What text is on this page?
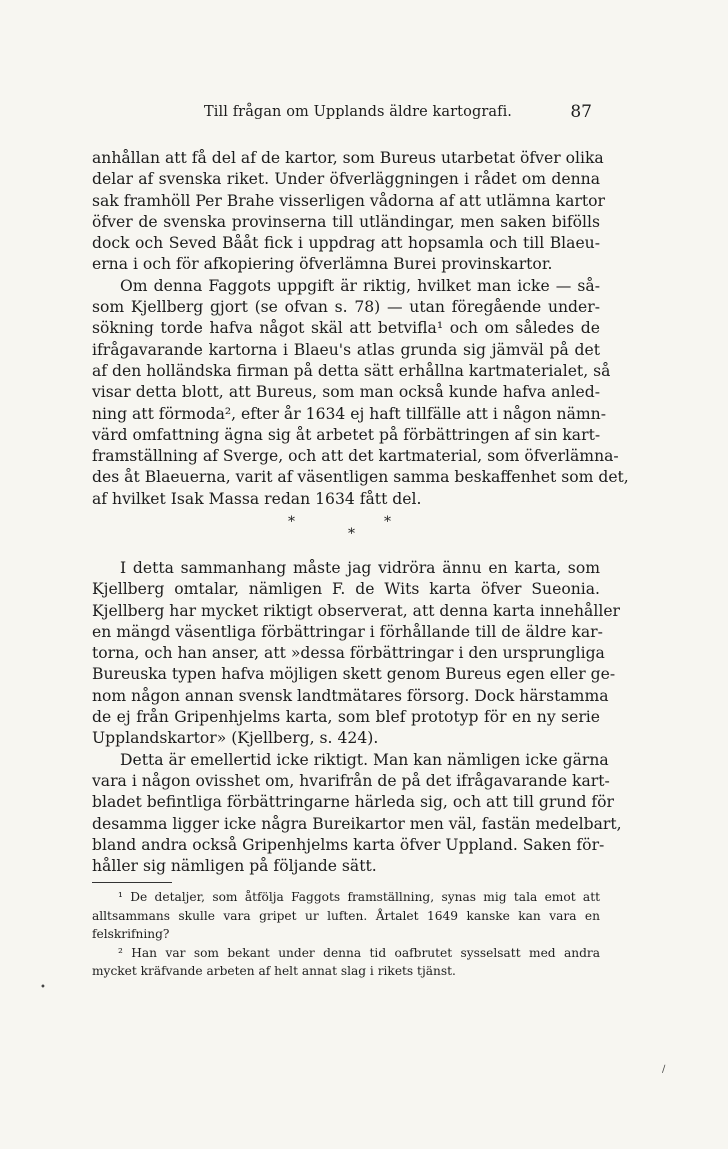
Till frågan om Upplands äldre kartografi.	87
anhållan att få del af de kartor, som Bureus utarbetat öfver olika
delar af svenska riket. Under öfverläggningen i rådet om denna
sak framhöll Per Brahe visserligen vådorna af att utlämna kartor
öfver de svenska provinserna till utländingar, men saken bifölls
dock och Seved Bååt fick i uppdrag att hopsamla och till Blaeu-
erna i och för afkopiering öfverlämna Burei provinskartor.
Om denna Faggots uppgift är riktig, hvilket man icke — så-
som Kjellberg gjort (se ofvan s. 78) — utan föregående under-
sökning torde hafva något skäl att betvifla¹ och om således de
ifrågavarande kartorna i Blaeu's atlas grunda sig jämväl på det
af den holländska firman på detta sätt erhållna kartmaterialet, så
visar detta blott, att Bureus, som man också kunde hafva anled-
ning att förmoda², efter år 1634 ej haft tillfälle att i någon nämn-
värd omfattning ägna sig åt arbetet på förbättringen af sin kart-
framställning af Sverge, och att det kartmaterial, som öfverlämna-
des åt Blaeuerna, varit af väsentligen samma beskaffenhet som det,
af hvilket Isak Massa redan 1634 fått del.
*
*
*
I detta sammanhang måste jag vidröra ännu en karta, som
Kjellberg omtalar, nämligen F. de Wits karta öfver Sueonia.
Kjellberg har mycket riktigt observerat, att denna karta innehåller
en mängd väsentliga förbättringar i förhållande till de äldre kar-
torna, och han anser, att »dessa förbättringar i den ursprungliga
Bureuska typen hafva möjligen skett genom Bureus egen eller ge-
nom någon annan svensk landtmätares försorg. Dock härstamma
de ej från Gripenhjelms karta, som blef prototyp för en ny serie
Upplandskartor» (Kjellberg, s. 424).
Detta är emellertid icke riktigt. Man kan nämligen icke gärna
vara i någon ovisshet om, hvarifrån de på det ifrågavarande kart-
bladet befintliga förbättringarne härleda sig, och att till grund för
desamma ligger icke några Bureikartor men väl, fastän medelbart,
bland andra också Gripenhjelms karta öfver Uppland. Saken för-
håller sig nämligen på följande sätt.
¹ De detaljer, som åtfölja Faggots framställning, synas mig tala emot att
alltsammans skulle vara gripet ur luften. Årtalet 1649 kanske kan vara en
felskrifning?
² Han var som bekant under denna tid oafbrutet sysselsatt med andra
mycket kräfvande arbeten af helt annat slag i rikets tjänst.
•
∕
